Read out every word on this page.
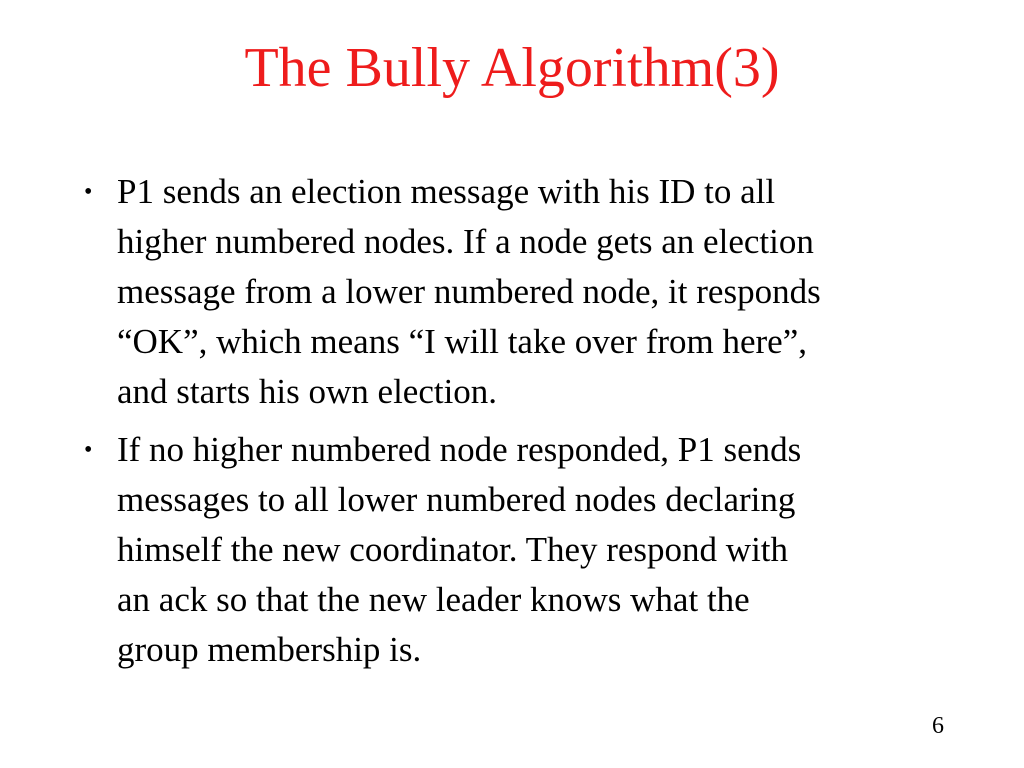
The Bully Algorithm(3)
• P1 sends an election message with his ID to all
higher numbered nodes. If a node gets an election
message from a lower numbered node, it responds
“OK”, which means “I will take over from here”,
and starts his own election.
• If no higher numbered node responded, P1 sends
messages to all lower numbered nodes declaring
himself the new coordinator. They respond with
an ack so that the new leader knows what the
group membership is.
6
